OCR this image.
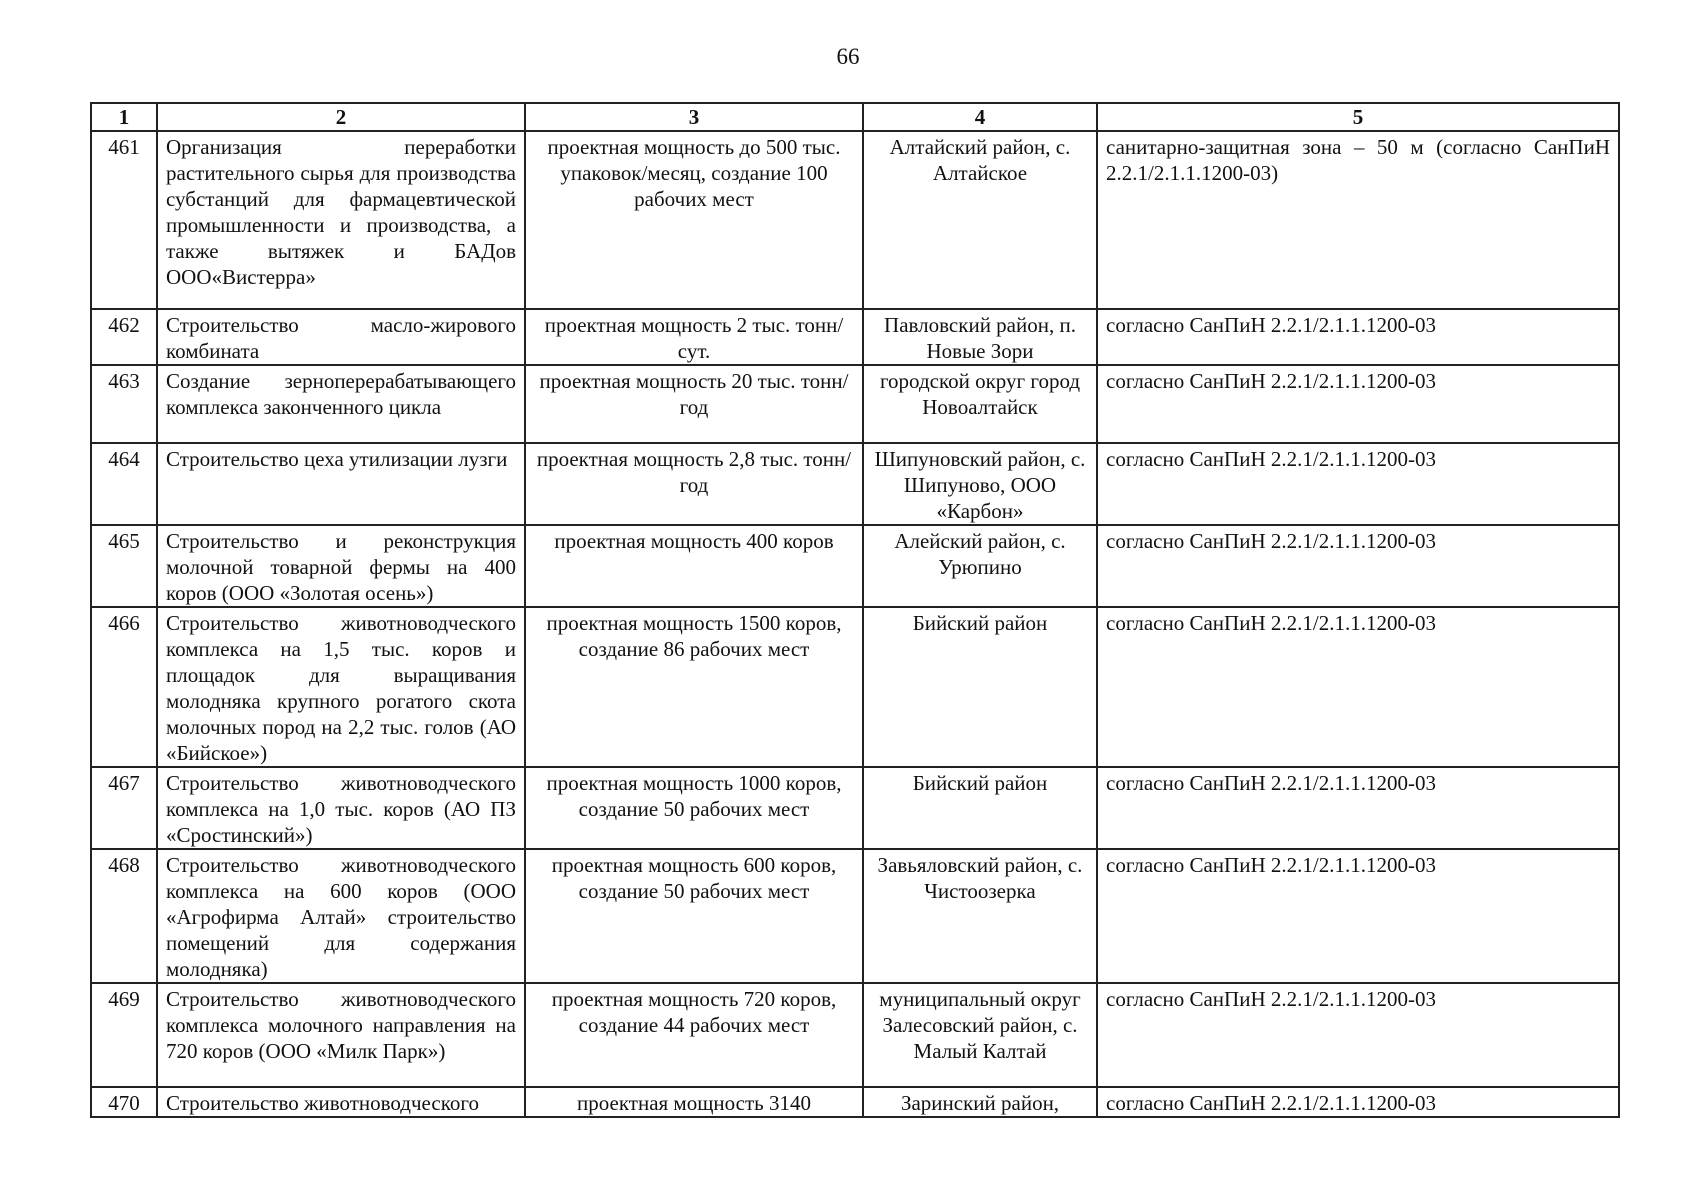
66
1	2	3	4	5
461	Организация переработки растительного сырья для производства субстанций для фармацевтической промышленности и производства, а также вытяжек и БАДов ООО«Вистерра»	проектная мощность до 500 тыс. упаковок/месяц, создание 100 рабочих мест	Алтайский район, с. Алтайское	санитарно-защитная зона – 50 м (согласно СанПиН 2.2.1/2.1.1.1200-03)
462	Строительство масло-жирового комбината	проектная мощность 2 тыс. тонн/сут.	Павловский район, п. Новые Зори	согласно СанПиН 2.2.1/2.1.1.1200-03
463	Создание зерноперерабатывающего комплекса законченного цикла	проектная мощность 20 тыс. тонн/год	городской округ город Новоалтайск	согласно СанПиН 2.2.1/2.1.1.1200-03
464	Строительство цеха утилизации лузги	проектная мощность 2,8 тыс. тонн/год	Шипуновский район, с. Шипуново, ООО «Карбон»	согласно СанПиН 2.2.1/2.1.1.1200-03
465	Строительство и реконструкция молочной товарной фермы на 400 коров (ООО «Золотая осень»)	проектная мощность 400 коров	Алейский район, с. Урюпино	согласно СанПиН 2.2.1/2.1.1.1200-03
466	Строительство животноводческого комплекса на 1,5 тыс. коров и площадок для выращивания молодняка крупного рогатого скота молочных пород на 2,2 тыс. голов (АО «Бийское»)	проектная мощность 1500 коров, создание 86 рабочих мест	Бийский район	согласно СанПиН 2.2.1/2.1.1.1200-03
467	Строительство животноводческого комплекса на 1,0 тыс. коров (АО ПЗ «Сростинский»)	проектная мощность 1000 коров, создание 50 рабочих мест	Бийский район	согласно СанПиН 2.2.1/2.1.1.1200-03
468	Строительство животноводческого комплекса на 600 коров (ООО «Агрофирма Алтай» строительство помещений для содержания молодняка)	проектная мощность 600 коров, создание 50 рабочих мест	Завьяловский район, с. Чистоозерка	согласно СанПиН 2.2.1/2.1.1.1200-03
469	Строительство животноводческого комплекса молочного направления на 720 коров (ООО «Милк Парк»)	проектная мощность 720 коров, создание 44 рабочих мест	муниципальный округ Залесовский район, с. Малый Калтай	согласно СанПиН 2.2.1/2.1.1.1200-03
470	Строительство животноводческого	проектная мощность 3140	Заринский район,	согласно СанПиН 2.2.1/2.1.1.1200-03
